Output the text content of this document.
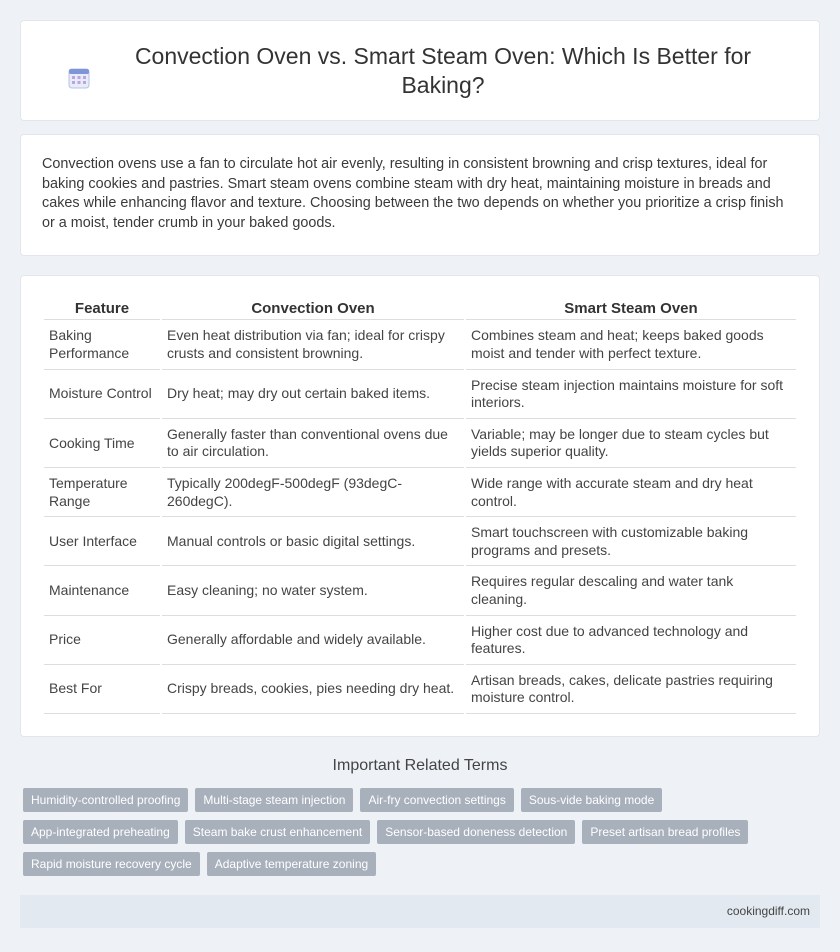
Convection Oven vs. Smart Steam Oven: Which Is Better for Baking?

Convection ovens use a fan to circulate hot air evenly, resulting in consistent browning and crisp textures, ideal for baking cookies and pastries. Smart steam ovens combine steam with dry heat, maintaining moisture in breads and cakes while enhancing flavor and texture. Choosing between the two depends on whether you prioritize a crisp finish or a moist, tender crumb in your baked goods.

Feature	Convection Oven	Smart Steam Oven
Baking Performance	Even heat distribution via fan; ideal for crispy crusts and consistent browning.	Combines steam and heat; keeps baked goods moist and tender with perfect texture.
Moisture Control	Dry heat; may dry out certain baked items.	Precise steam injection maintains moisture for soft interiors.
Cooking Time	Generally faster than conventional ovens due to air circulation.	Variable; may be longer due to steam cycles but yields superior quality.
Temperature Range	Typically 200degF-500degF (93degC-260degC).	Wide range with accurate steam and dry heat control.
User Interface	Manual controls or basic digital settings.	Smart touchscreen with customizable baking programs and presets.
Maintenance	Easy cleaning; no water system.	Requires regular descaling and water tank cleaning.
Price	Generally affordable and widely available.	Higher cost due to advanced technology and features.
Best For	Crispy breads, cookies, pies needing dry heat.	Artisan breads, cakes, delicate pastries requiring moisture control.
Important Related Terms
Humidity-controlled proofing	Multi-stage steam injection	Air-fry convection settings	Sous-vide baking mode
App-integrated preheating	Steam bake crust enhancement	Sensor-based doneness detection	Preset artisan bread profiles
Rapid moisture recovery cycle	Adaptive temperature zoning
cookingdiff.com
